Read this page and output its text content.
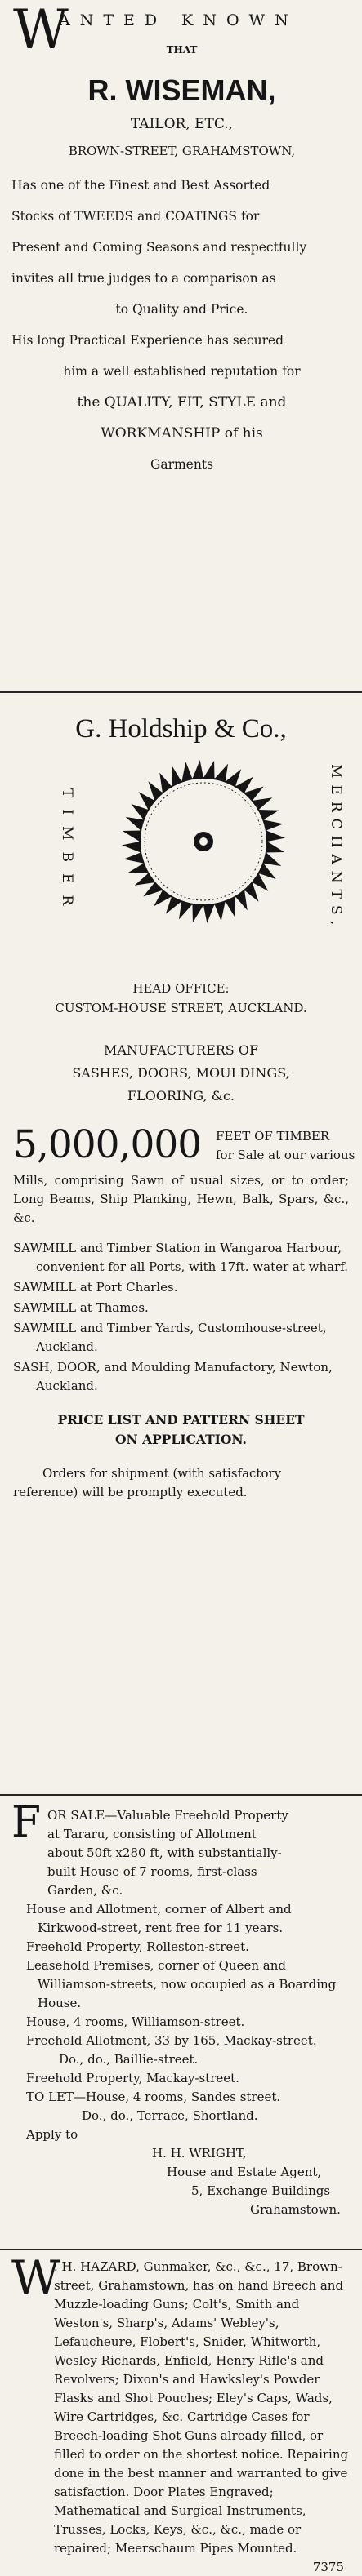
W
ANTED KNOWN
THAT
R. WISEMAN,
TAILOR, ETC.,
BROWN-STREET, GRAHAMSTOWN,
Has one of the Finest and Best Assorted
Stocks of TWEEDS and COATINGS for
Present and Coming Seasons and respectfully
invites all true judges to a comparison as
to Quality and Price.
His long Practical Experience has secured
him a well established reputation for
the QUALITY, FIT, STYLE and
WORKMANSHIP of his
Garments
G. Holdship & Co.,
TIMBER	MERCHANTS,
HEAD OFFICE:
CUSTOM-HOUSE STREET, AUCKLAND.
MANUFACTURERS OF
SASHES, DOORS, MOULDINGS,
FLOORING, &c.
5,000,000 FEET OF TIMBER
for Sale at our various
Mills, comprising Sawn of usual sizes, or to order; Long Beams, Ship Planking, Hewn, Balk, Spars, &c., &c.
SAWMILL and Timber Station in Wangaroa Harbour, convenient for all Ports, with 17ft. water at wharf.
SAWMILL at Port Charles.
SAWMILL at Thames.
SAWMILL and Timber Yards, Customhouse-street, Auckland.
SASH, DOOR, and Moulding Manufactory, Newton, Auckland.
PRICE LIST AND PATTERN SHEET
ON APPLICATION.
Orders for shipment (with satisfactory
reference) will be promptly executed.
F OR SALE—Valuable Freehold Property
at Tararu, consisting of Allotment
about 50ft x280 ft, with substantially-
built House of 7 rooms, first-class
Garden, &c.
House and Allotment, corner of Albert and Kirkwood-street, rent free for 11 years.
Freehold Property, Rolleston-street.
Leasehold Premises, corner of Queen and Williamson-streets, now occupied as a Boarding House.
House, 4 rooms, Williamson-street.
Freehold Allotment, 33 by 165, Mackay-street.
Do., do., Baillie-street.
Freehold Property, Mackay-street.
TO LET—House, 4 rooms, Sandes street.
Do., do., Terrace, Shortland.
Apply to
H. H. WRIGHT,
House and Estate Agent,
5, Exchange Buildings
Grahamstown.
W
. H. HAZARD, Gunmaker, &c., &c., 17, Brown-street, Grahamstown, has on hand Breech and Muzzle-loading Guns; Colt's, Smith and Weston's, Sharp's, Adams' Webley's, Lefaucheure, Flobert's, Snider, Whitworth, Wesley Richards, Enfield, Henry Rifle's and Revolvers; Dixon's and Hawksley's Powder Flasks and Shot Pouches; Eley's Caps, Wads, Wire Cartridges, &c. Cartridge Cases for Breech-loading Shot Guns already filled, or filled to order on the shortest notice. Repairing done in the best manner and warranted to give satisfaction. Door Plates Engraved; Mathematical and Surgical Instruments, Trusses, Locks, Keys, &c., &c., made or repaired; Meerschaum Pipes Mounted.
7375
